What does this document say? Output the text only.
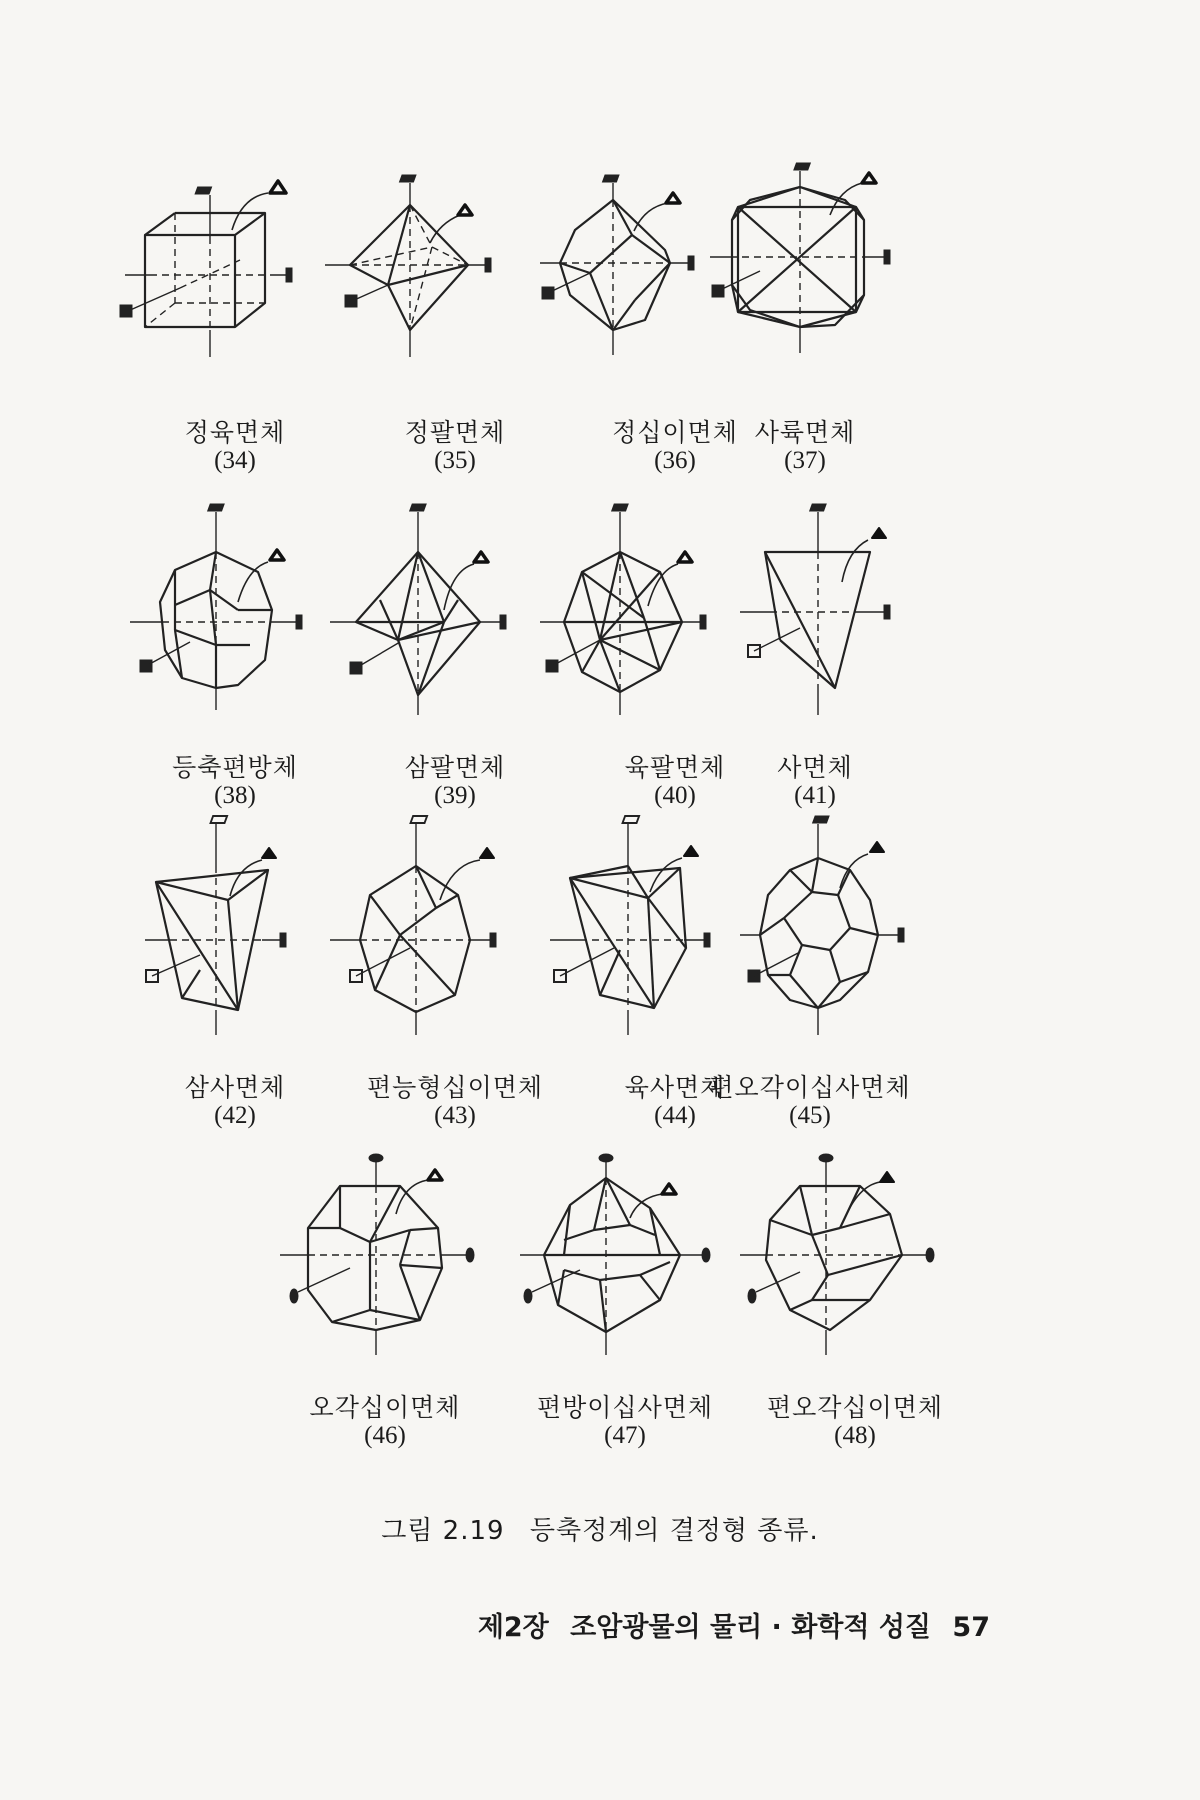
정육면체
(34)
정팔면체
(35)
정십이면체
(36)
사륙면체
(37)
등축편방체
(38)
삼팔면체
(39)
육팔면체
(40)
사면체
(41)
삼사면체
(42)
편능형십이면체
(43)
육사면체
(44)
편오각이십사면체
(45)
오각십이면체
(46)
편방이십사면체
(47)
편오각십이면체
(48)
그림 2.19 등축정계의 결정형 종류.
제2장 조암광물의 물리 · 화학적 성질 57
